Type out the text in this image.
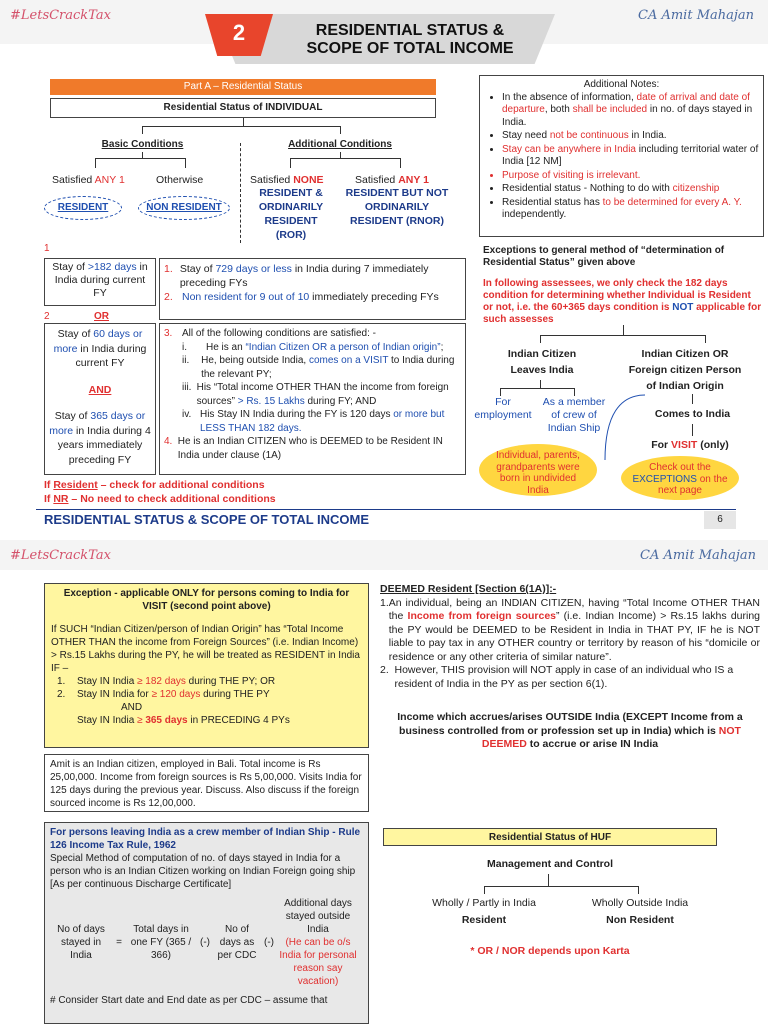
#LetsCrackTax	CA Amit Mahajan
2	RESIDENTIAL STATUS &
SCOPE OF TOTAL INCOME
Part A – Residential Status
Residential Status of INDIVIDUAL
Basic Conditions	Additional Conditions
Satisfied ANY 1	Otherwise	Satisfied NONE	Satisfied ANY 1
RESIDENT	NON RESIDENT
RESIDENT & ORDINARILY RESIDENT (ROR)
RESIDENT BUT NOT ORDINARILY RESIDENT (RNOR)
1
Stay of >182 days in India during current FY
2	OR
Stay of 60 days or more in India during current FY
AND
Stay of 365 days or more in India during 4 years immediately preceding FY
1. Stay of 729 days or less in India during 7 immediately preceding FYs
2. Non resident for 9 out of 10 immediately preceding FYs
3. All of the following conditions are satisfied: -
i.	He is an “Indian Citizen OR a person of Indian origin”;
ii.	He, being outside India, comes on a VISIT to India during the relevant PY;
iii. His “Total income OTHER THAN the income from foreign sources” > Rs. 15 Lakhs during FY; AND
iv. His Stay IN India during the FY is 120 days or more but LESS THAN 182 days.
4. He is an Indian CITIZEN who is DEEMED to be Resident IN India under clause (1A)
If Resident – check for additional conditions
If NR – No need to check additional conditions
Additional Notes:
• In the absence of information, date of arrival and date of departure, both shall be included in no. of days stayed in India.
• Stay need not be continuous in India.
• Stay can be anywhere in India including territorial water of India [12 NM]
• Purpose of visiting is irrelevant.
• Residential status - Nothing to do with citizenship
• Residential status has to be determined for every A. Y. independently.
Exceptions to general method of “determination of Residential Status” given above
In following assessees, we only check the 182 days condition for determining whether Individual is Resident or not, i.e. the 60+365 days condition is NOT applicable for such assesses
Indian Citizen Leaves India
Indian Citizen OR Foreign citizen Person of Indian Origin
For employment
As a member of crew of Indian Ship
Comes to India
For VISIT (only)
Individual, parents, grandparents were born in undivided India
Check out the EXCEPTIONS on the next page
RESIDENTIAL STATUS & SCOPE OF TOTAL INCOME	6
#LetsCrackTax	CA Amit Mahajan
Exception - applicable ONLY for persons coming to India for VISIT (second point above)
If SUCH “Indian Citizen/person of Indian Origin” has “Total Income OTHER THAN the income from Foreign Sources” (i.e. Indian Income) > Rs.15 Lakhs during the PY, he will be treated as RESIDENT in India IF –
1.	Stay IN India ≥ 182 days during THE PY; OR
2.	Stay IN India for ≥ 120 days during THE PY
AND
Stay IN India ≥ 365 days in PRECEDING 4 PYs
Amit is an Indian citizen, employed in Bali. Total income is Rs 25,00,000. Income from foreign sources is Rs 5,00,000. Visits India for 125 days during the previous year. Discuss. Also discuss if the foreign sourced income is Rs 12,00,000.
For persons leaving India as a crew member of Indian Ship - Rule 126 Income Tax Rule, 1962
Special Method of computation of no. of days stayed in India for a person who is an Indian Citizen working on Indian Foreign going ship [As per continuous Discharge Certificate]
No of days stayed in India
=
Total days in one FY (365 / 366)
(-)
No of days as per CDC
(-)
Additional days stayed outside India
(He can be o/s India for personal reason say vacation)
# Consider Start date and End date as per CDC – assume that
DEEMED Resident [Section 6(1A)]:-
1. An individual, being an INDIAN CITIZEN, having “Total Income OTHER THAN the Income from foreign sources” (i.e. Indian Income) > Rs.15 lakhs during the PY would be DEEMED to be Resident in India in THAT PY, IF he is NOT liable to pay tax in any OTHER country or territory by reason of his “domicile or residence or any other criteria of similar nature”.
2. However, THIS provision will NOT apply in case of an individual who IS a resident of India in the PY as per section 6(1).
Income which accrues/arises OUTSIDE India (EXCEPT Income from a business controlled from or profession set up in India) which is NOT DEEMED to accrue or arise IN India
Residential Status of HUF
Management and Control
Wholly / Partly in India	Wholly Outside India
Resident	Non Resident
* OR / NOR depends upon Karta
